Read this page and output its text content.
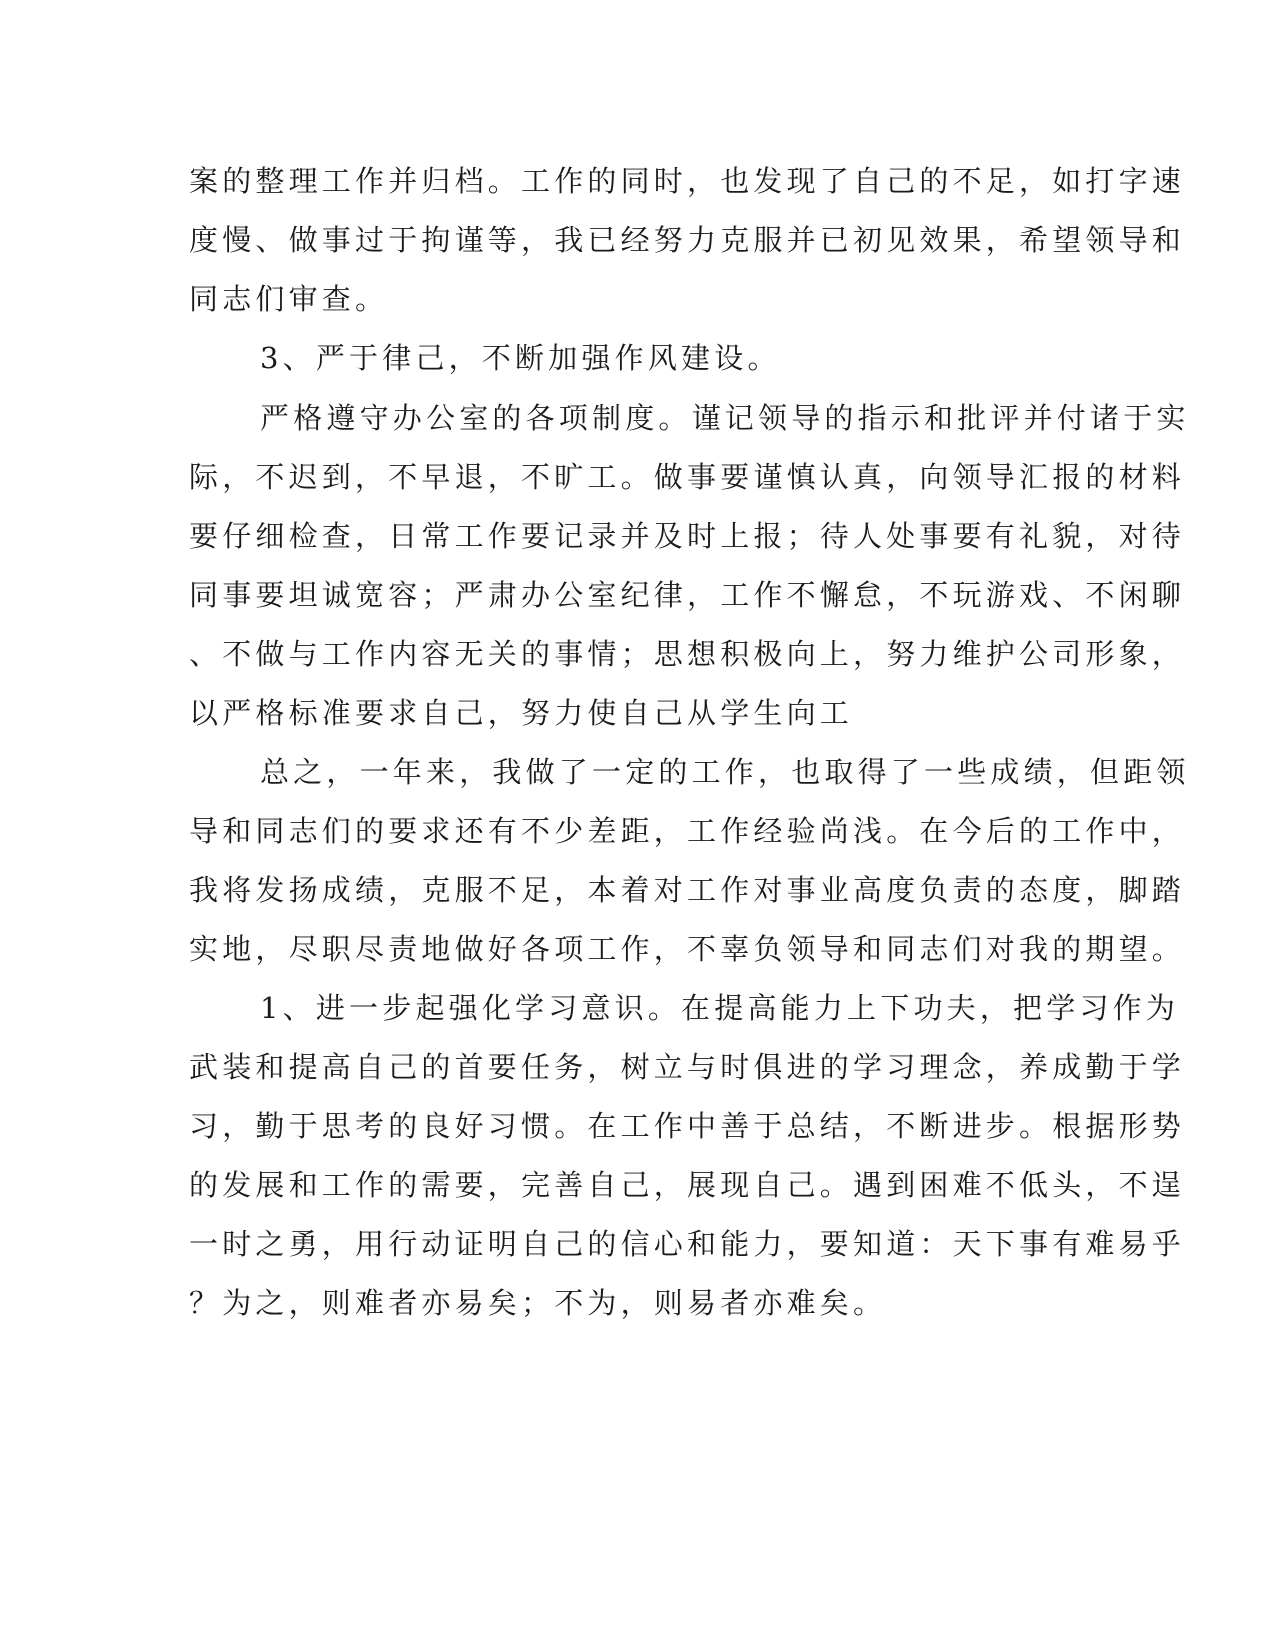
案的整理工作并归档。工作的同时，也发现了自己的不足，如打字速
度慢、做事过于拘谨等，我已经努力克服并已初见效果，希望领导和
同志们审查。
3、严于律己，不断加强作风建设。
严格遵守办公室的各项制度。谨记领导的指示和批评并付诸于实
际，不迟到，不早退，不旷工。做事要谨慎认真，向领导汇报的材料
要仔细检查，日常工作要记录并及时上报；待人处事要有礼貌，对待
同事要坦诚宽容；严肃办公室纪律，工作不懈怠，不玩游戏、不闲聊
、不做与工作内容无关的事情；思想积极向上，努力维护公司形象，
以严格标准要求自己，努力使自己从学生向工
总之，一年来，我做了一定的工作，也取得了一些成绩，但距领
导和同志们的要求还有不少差距，工作经验尚浅。在今后的工作中，
我将发扬成绩，克服不足，本着对工作对事业高度负责的态度，脚踏
实地，尽职尽责地做好各项工作，不辜负领导和同志们对我的期望。
1、进一步起强化学习意识。在提高能力上下功夫，把学习作为
武装和提高自己的首要任务，树立与时俱进的学习理念，养成勤于学
习，勤于思考的良好习惯。在工作中善于总结，不断进步。根据形势
的发展和工作的需要，完善自己，展现自己。遇到困难不低头，不逞
一时之勇，用行动证明自己的信心和能力，要知道：天下事有难易乎
？为之，则难者亦易矣；不为，则易者亦难矣。
